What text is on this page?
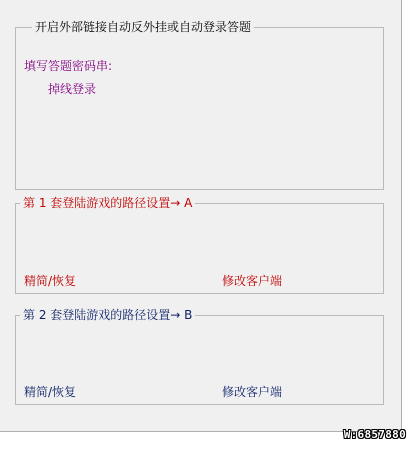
开启外部链接自动反外挂或自动登录答题
填写答题密码串:
掉线登录
第 1 套登陆游戏的路径设置→ A
精简/恢复	修改客户端
第 2 套登陆游戏的路径设置→ B
精简/恢复	修改客户端
W:6857880
